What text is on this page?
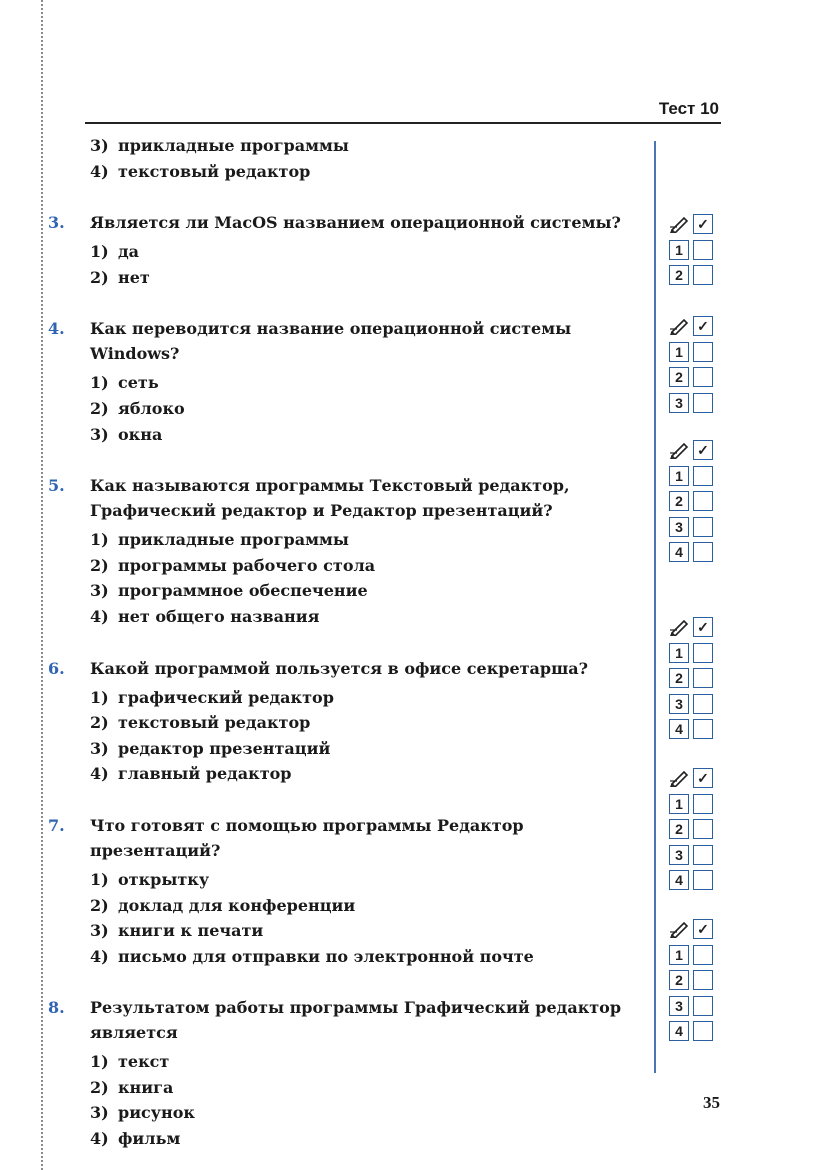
Тест 10
3) прикладные программы
4) текстовый редактор
3. Является ли MacOS названием операционной системы?
1) да
2) нет
4. Как переводится название операционной системы Windows?
1) сеть
2) яблоко
3) окна
5. Как называются программы Текстовый редактор, Графический редактор и Редактор презентаций?
1) прикладные программы
2) программы рабочего стола
3) программное обеспечение
4) нет общего названия
6. Какой программой пользуется в офисе секретарша?
1) графический редактор
2) текстовый редактор
3) редактор презентаций
4) главный редактор
7. Что готовят с помощью программы Редактор презентаций?
1) открытку
2) доклад для конференции
3) книги к печати
4) письмо для отправки по электронной почте
8. Результатом работы программы Графический редактор является
1) текст
2) книга
3) рисунок
4) фильм
✓
1
2
✓
1
2
3
✓
1
2
3
4
✓
1
2
3
4
✓
1
2
3
4
✓
1
2
3
4
35
